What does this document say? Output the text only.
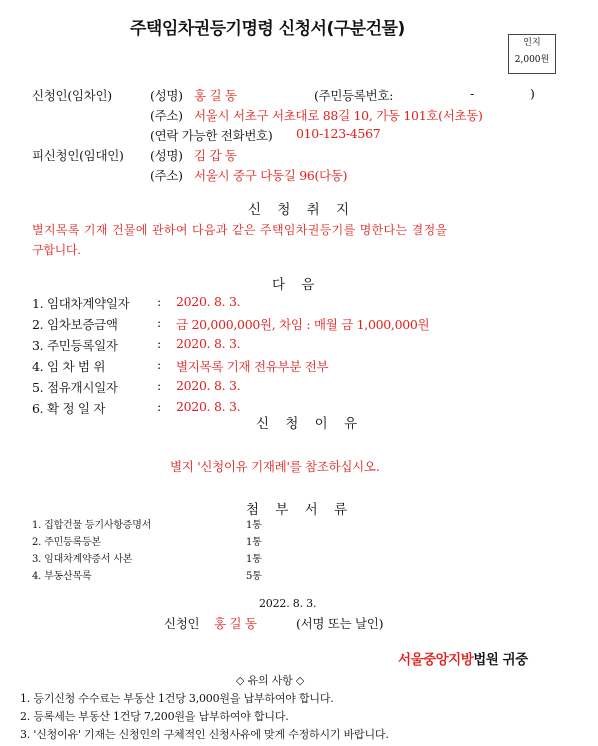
주택임차권등기명령 신청서(구분건물)
인지
2,000원
신청인(임차인)	(성명) 홍 길 동	(주민등록번호:	-	)
(주소) 서울시 서초구 서초대로 88길 10, 가동 101호(서초동)
(연락 가능한 전화번호) 010-123-4567
피신청인(임대인) (성명) 김 갑 동
(주소) 서울시 중구 다동길 96(다동)
신 청 취 지
별지목록 기재 건물에 관하여 다음과 같은 주택임차권등기를 명한다는 결정을
구합니다.
다 음
1. 임대차계약일자 : 2020. 8. 3.
2. 임차보증금액	: 금 20,000,000원, 차임 : 매월 금 1,000,000원
3. 주민등록일자	: 2020. 8. 3.
4. 임 차 범 위	: 별지목록 기재 전유부분 전부
5. 점유개시일자	: 2020. 8. 3.
6. 확 정 일 자	: 2020. 8. 3.
신 청 이 유
별지 '신청이유 기재례'를 참조하십시오.
첨 부 서 류
1. 집합건물 등기사항증명서	1통
2. 주민등록등본	1통
3. 임대차계약증서 사본	1통
4. 부동산목록	5통
2022. 8. 3.
신청인 홍 길 동	(서명 또는 날인)
서울중앙지방법원 귀중
◇ 유의 사항 ◇
1. 등기신청 수수료는 부동산 1건당 3,000원을 납부하여야 합니다.
2. 등록세는 부동산 1건당 7,200원을 납부하여야 합니다.
3. '신청이유' 기재는 신청인의 구체적인 신청사유에 맞게 수정하시기 바랍니다.
